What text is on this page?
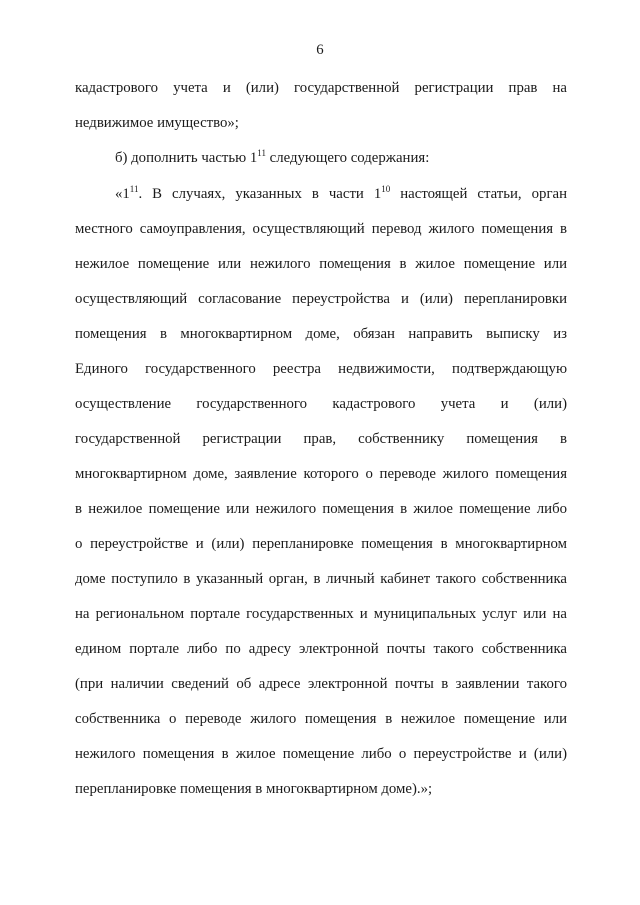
6
кадастрового учета и (или) государственной регистрации прав на
недвижимое имущество»;
б) дополнить частью $1^{11}$ следующего содержания:
«$1^{11}$. В случаях, указанных в части $1^{10}$ настоящей статьи, орган
местного самоуправления, осуществляющий перевод жилого помещения в
нежилое помещение или нежилого помещения в жилое помещение или
осуществляющий согласование переустройства и (или) перепланировки
помещения в многоквартирном доме, обязан направить выписку из
Единого государственного реестра недвижимости, подтверждающую
осуществление государственного кадастрового учета и (или)
государственной регистрации прав, собственнику помещения в
многоквартирном доме, заявление которого о переводе жилого помещения
в нежилое помещение или нежилого помещения в жилое помещение либо
о переустройстве и (или) перепланировке помещения в многоквартирном
доме поступило в указанный орган, в личный кабинет такого собственника
на региональном портале государственных и муниципальных услуг или на
едином портале либо по адресу электронной почты такого собственника
(при наличии сведений об адресе электронной почты в заявлении такого
собственника о переводе жилого помещения в нежилое помещение или
нежилого помещения в жилое помещение либо о переустройстве и (или)
перепланировке помещения в многоквартирном доме).»;
